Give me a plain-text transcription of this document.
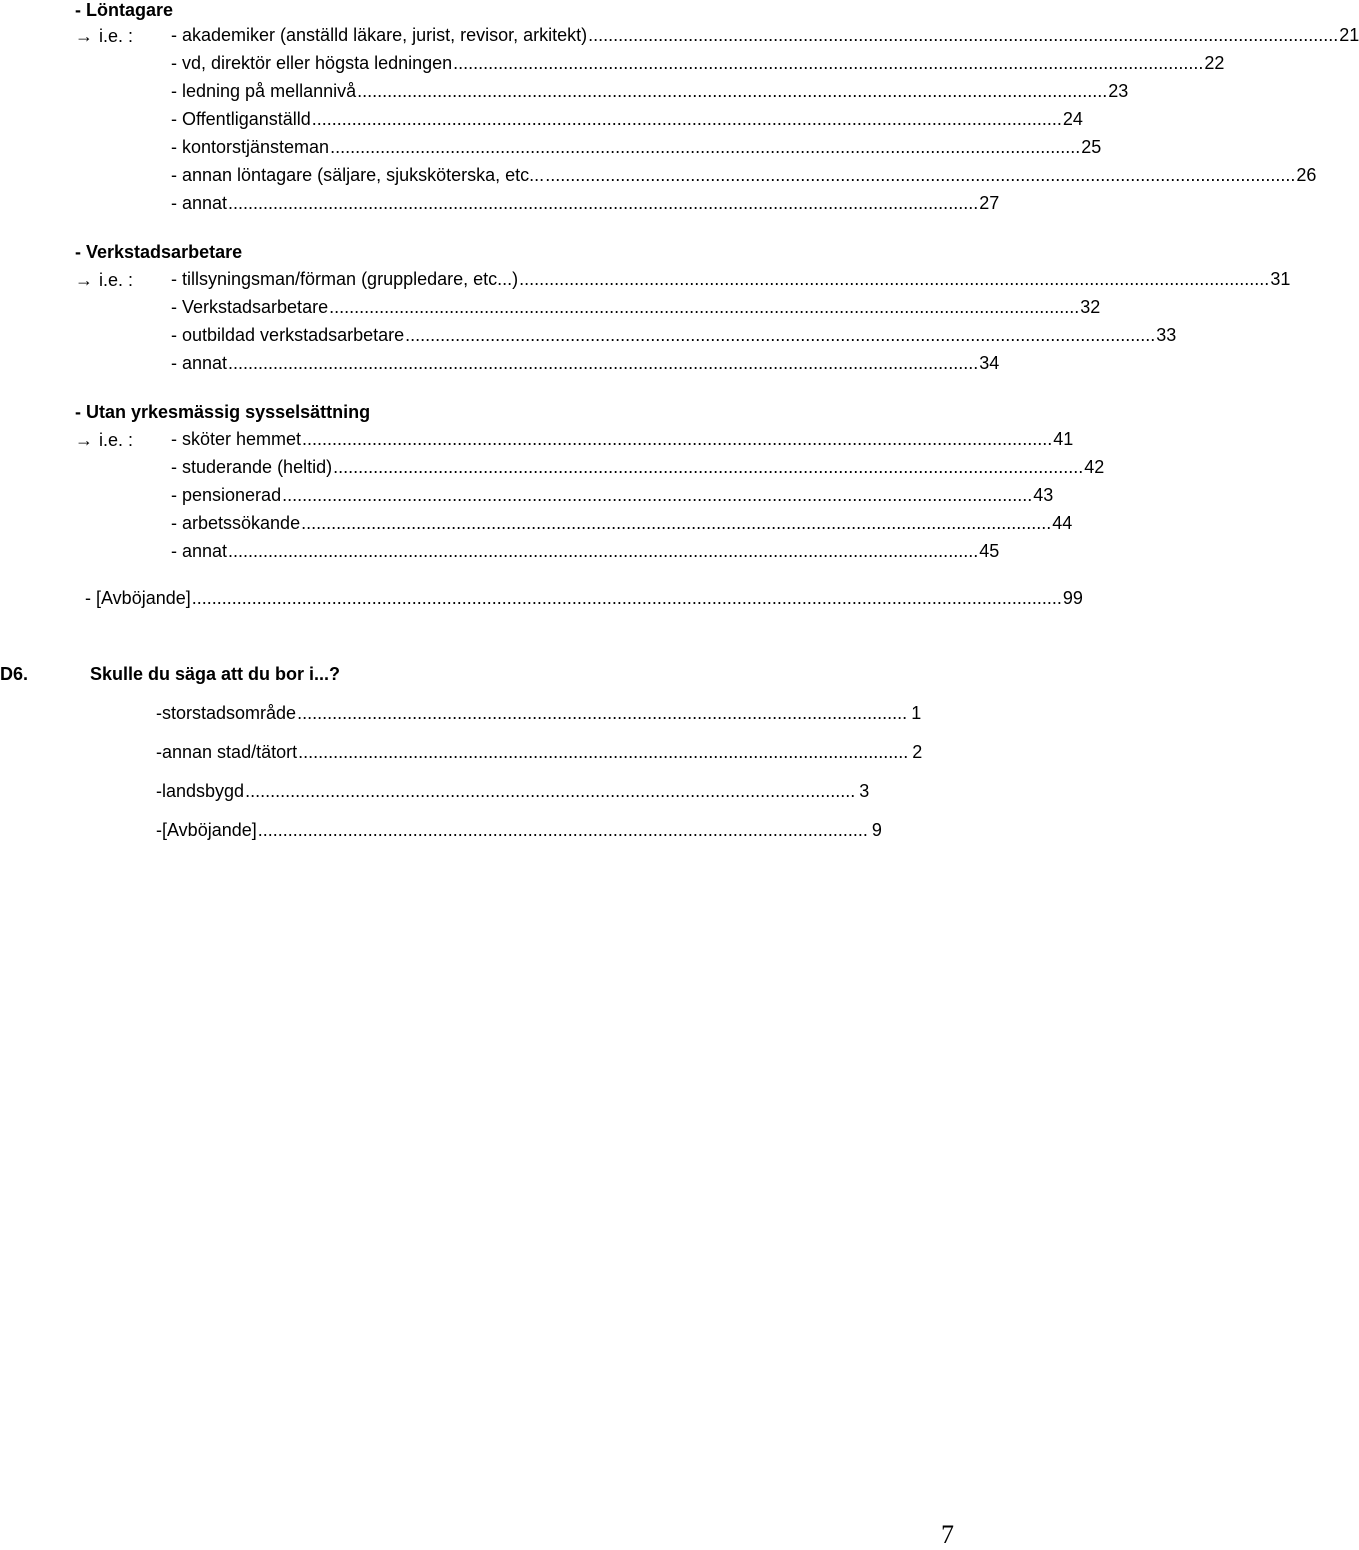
- Löntagare
→ i.e. : - akademiker (anställd läkare, jurist, revisor, arkitekt) ...................................................................................................................................................... 21
- vd, direktör eller högsta ledningen ...................................................................................................................................................... 22
- ledning på mellannivå ...................................................................................................................................................... 23
- Offentliganställd ...................................................................................................................................................... 24
- kontorstjänsteman ...................................................................................................................................................... 25
- annan löntagare (säljare, sjuksköterska, etc... ...................................................................................................................................................... 26
- annat ...................................................................................................................................................... 27
- Verkstadsarbetare
→ i.e. : - tillsyningsman/förman (gruppledare, etc...) ...................................................................................................................................................... 31
- Verkstadsarbetare ...................................................................................................................................................... 32
- outbildad verkstadsarbetare ...................................................................................................................................................... 33
- annat ...................................................................................................................................................... 34
- Utan yrkesmässig sysselsättning
→ i.e. : - sköter hemmet ...................................................................................................................................................... 41
- studerande (heltid) ...................................................................................................................................................... 42
- pensionerad ...................................................................................................................................................... 43
- arbetssökande ...................................................................................................................................................... 44
- annat ...................................................................................................................................................... 45
- [Avböjande] .............................................................................................................................................................................. 99
D6.	Skulle du säga att du bor i...?
- storstadsområde .......................................................................................................................... 1
- annan stad/tätort .......................................................................................................................... 2
- landsbygd .......................................................................................................................... 3
- [Avböjande] .......................................................................................................................... 9
7
